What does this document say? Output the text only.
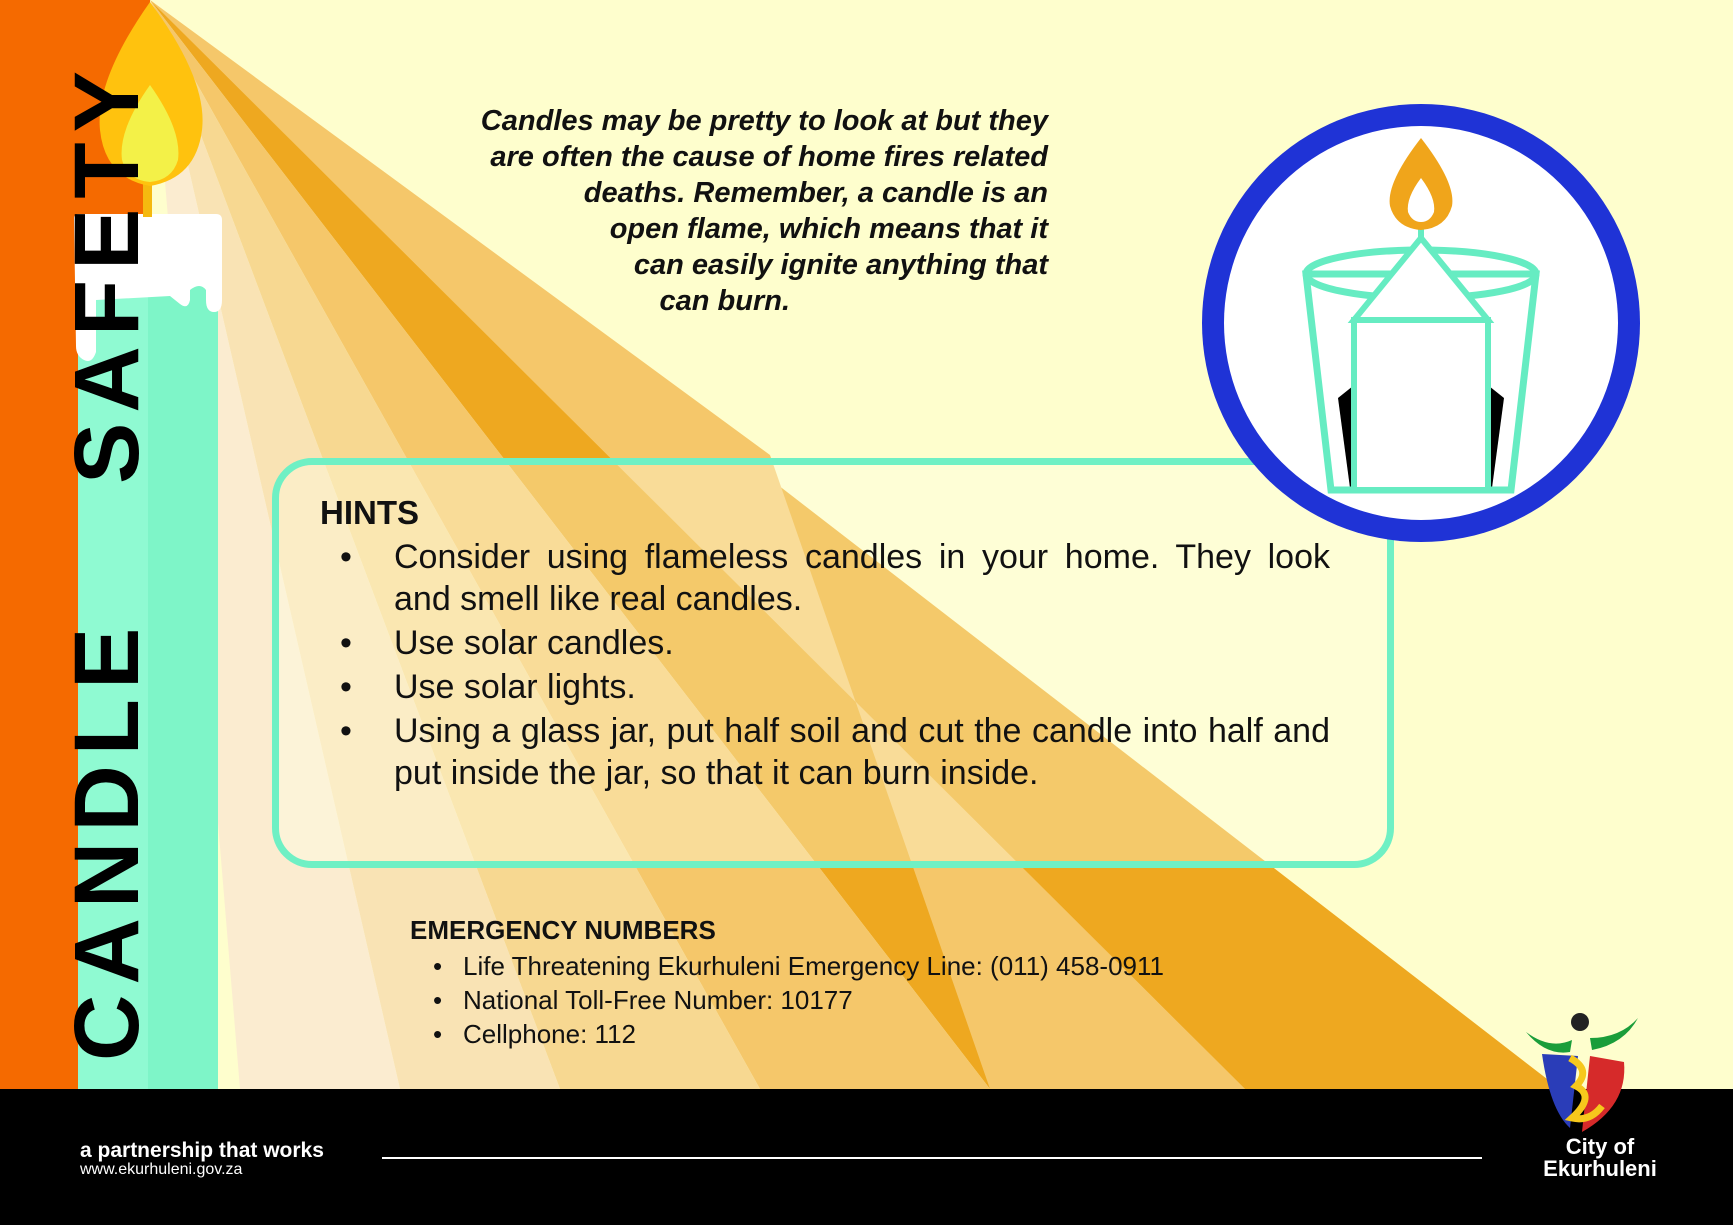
CANDLE
SAFETY	Candles may be pretty to look at but they
are often the cause of home fires related
deaths. Remember, a candle is an
open flame, which means that it
can easily ignite anything that
can burn.
HINTS
• Consider using flameless candles in your home. They look and smell like real candles.
• Use solar candles.
• Use solar lights.
• Using a glass jar, put half soil and cut the candle into half and put inside the jar, so that it can burn inside.
EMERGENCY NUMBERS
• Life Threatening Ekurhuleni Emergency Line: (011) 458-0911
• National Toll-Free Number: 10177
• Cellphone: 112
a partnership that works
www.ekurhuleni.gov.za
City of
Ekurhuleni
